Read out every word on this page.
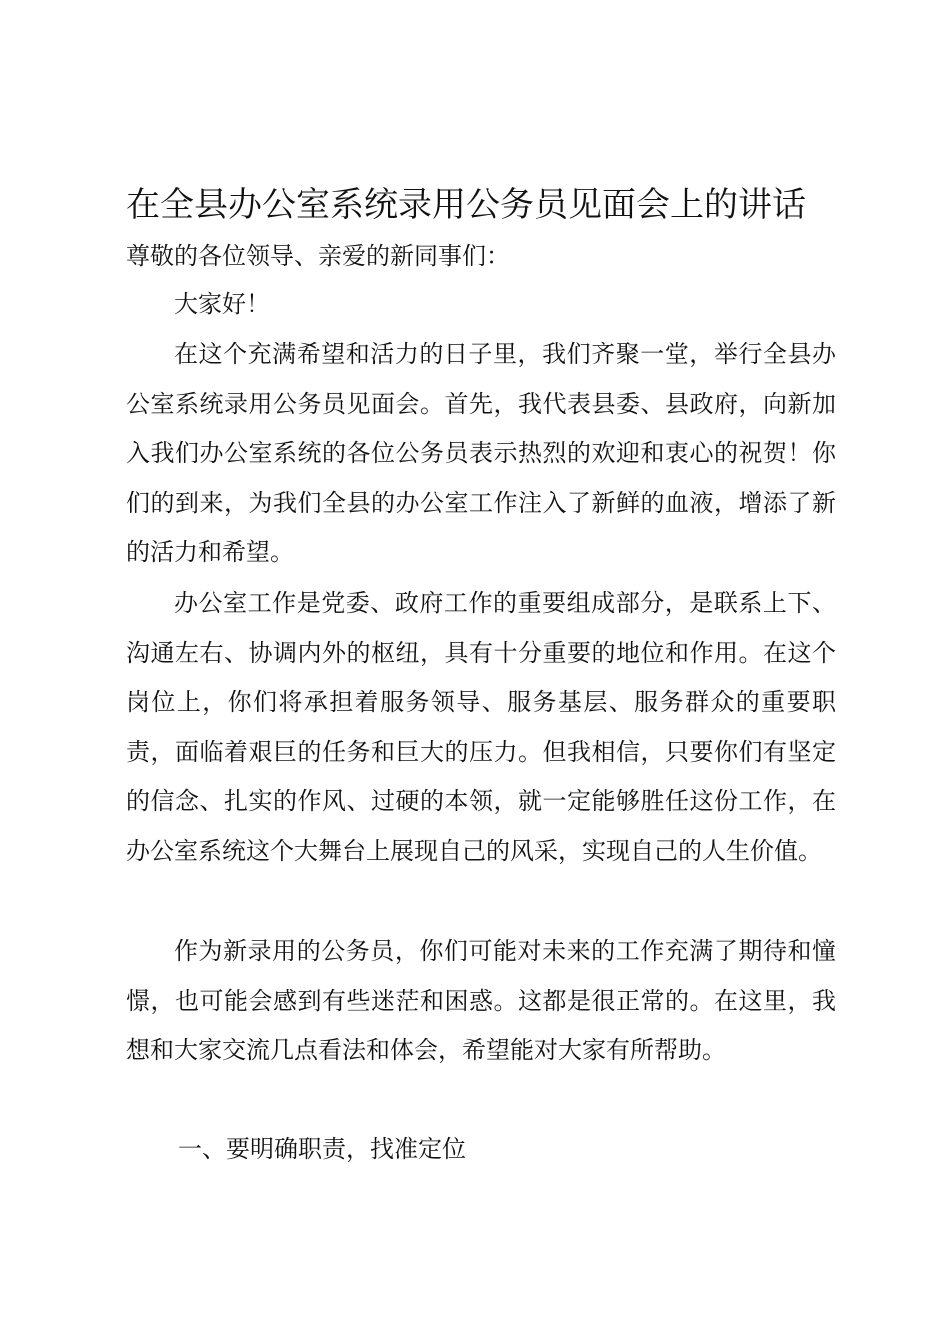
在全县办公室系统录用公务员见面会上的讲话
尊敬的各位领导、亲爱的新同事们：

大家好！

在这个充满希望和活力的日子里，我们齐聚一堂，举行全县办公室系统录用公务员见面会。首先，我代表县委、县政府，向新加入我们办公室系统的各位公务员表示热烈的欢迎和衷心的祝贺！你们的到来，为我们全县的办公室工作注入了新鲜的血液，增添了新的活力和希望。

办公室工作是党委、政府工作的重要组成部分，是联系上下、沟通左右、协调内外的枢纽，具有十分重要的地位和作用。在这个岗位上，你们将承担着服务领导、服务基层、服务群众的重要职责，面临着艰巨的任务和巨大的压力。但我相信，只要你们有坚定的信念、扎实的作风、过硬的本领，就一定能够胜任这份工作，在办公室系统这个大舞台上展现自己的风采，实现自己的人生价值。

作为新录用的公务员，你们可能对未来的工作充满了期待和憧憬，也可能会感到有些迷茫和困惑。这都是很正常的。在这里，我想和大家交流几点看法和体会，希望能对大家有所帮助。

一、要明确职责，找准定位
